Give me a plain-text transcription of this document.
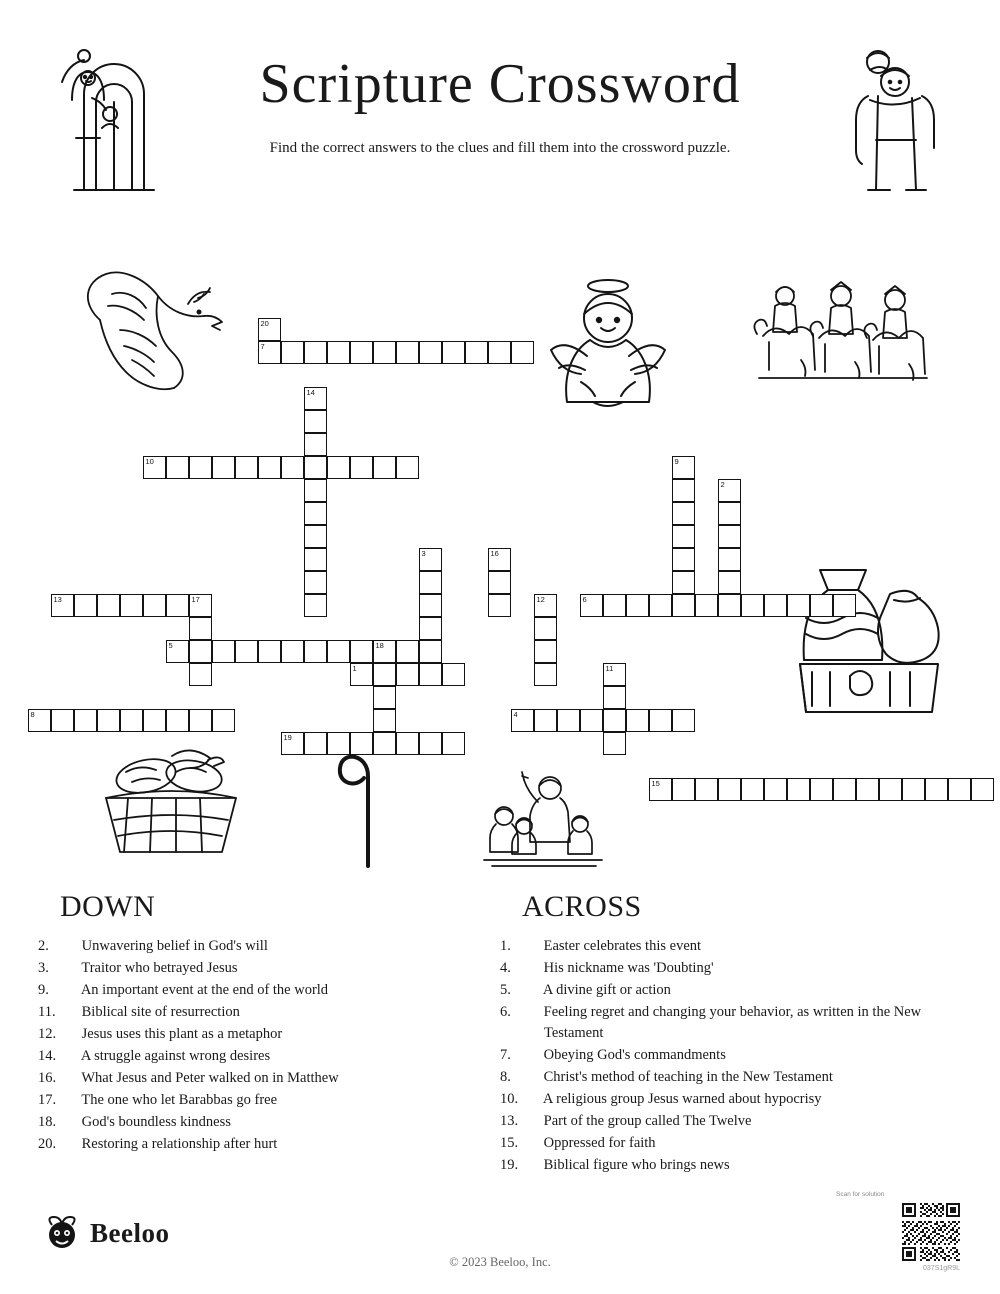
Scripture Crossword
Find the correct answers to the clues and fill them into the crossword puzzle.
20
7
14
10	9
2
3	16
13	17	12	6
5	18
1	11
8	4
19
15
DOWN
2. Unwavering belief in God's will
3. Traitor who betrayed Jesus
9. An important event at the end of the world
11. Biblical site of resurrection
12. Jesus uses this plant as a metaphor
14. A struggle against wrong desires
16. What Jesus and Peter walked on in Matthew
17. The one who let Barabbas go free
18. God's boundless kindness
20. Restoring a relationship after hurt
ACROSS
1. Easter celebrates this event
4. His nickname was 'Doubting'
5. A divine gift or action
6. Feeling regret and changing your behavior, as written in the New Testament
7. Obeying God's commandments
8. Christ's method of teaching in the New Testament
10. A religious group Jesus warned about hypocrisy
13. Part of the group called The Twelve
15. Oppressed for faith
19. Biblical figure who brings news
Beeloo
© 2023 Beeloo, Inc.
Scan for solution
037S1gR9L
